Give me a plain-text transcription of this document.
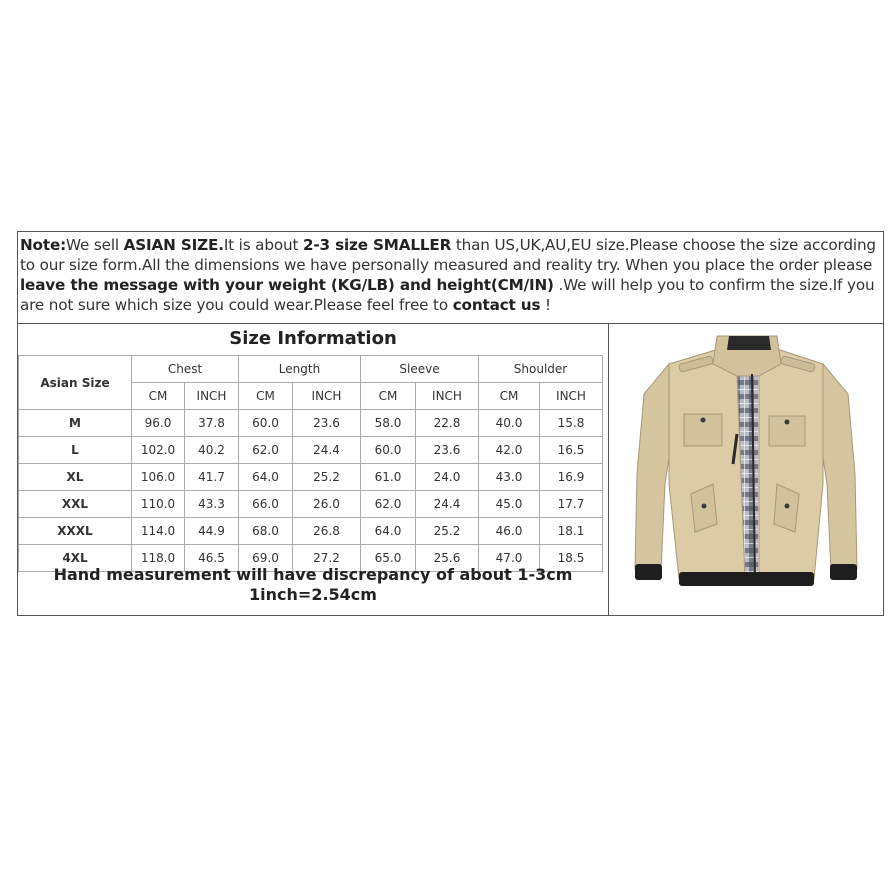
Note:We sell ASIAN SIZE.It is about 2-3 size SMALLER than US,UK,AU,EU size.Please choose the size according to our size form.All the dimensions we have personally measured and reality try. When you place the order please leave the message with your weight (KG/LB) and height(CM/IN) .We will help you to confirm the size.If you are not sure which size you could wear.Please feel free to contact us !
Size Information
Asian Size	Chest		Length		Sleeve		Shoulder	
	CM	INCH	CM	INCH	CM	INCH	CM	INCH
M	96.0	37.8	60.0	23.6	58.0	22.8	40.0	15.8
L	102.0	40.2	62.0	24.4	60.0	23.6	42.0	16.5
XL	106.0	41.7	64.0	25.2	61.0	24.0	43.0	16.9
XXL	110.0	43.3	66.0	26.0	62.0	24.4	45.0	17.7
XXXL	114.0	44.9	68.0	26.8	64.0	25.2	46.0	18.1
4XL	118.0	46.5	69.0	27.2	65.0	25.6	47.0	18.5
Hand measurement will have discrepancy of about 1-3cm
1inch=2.54cm
